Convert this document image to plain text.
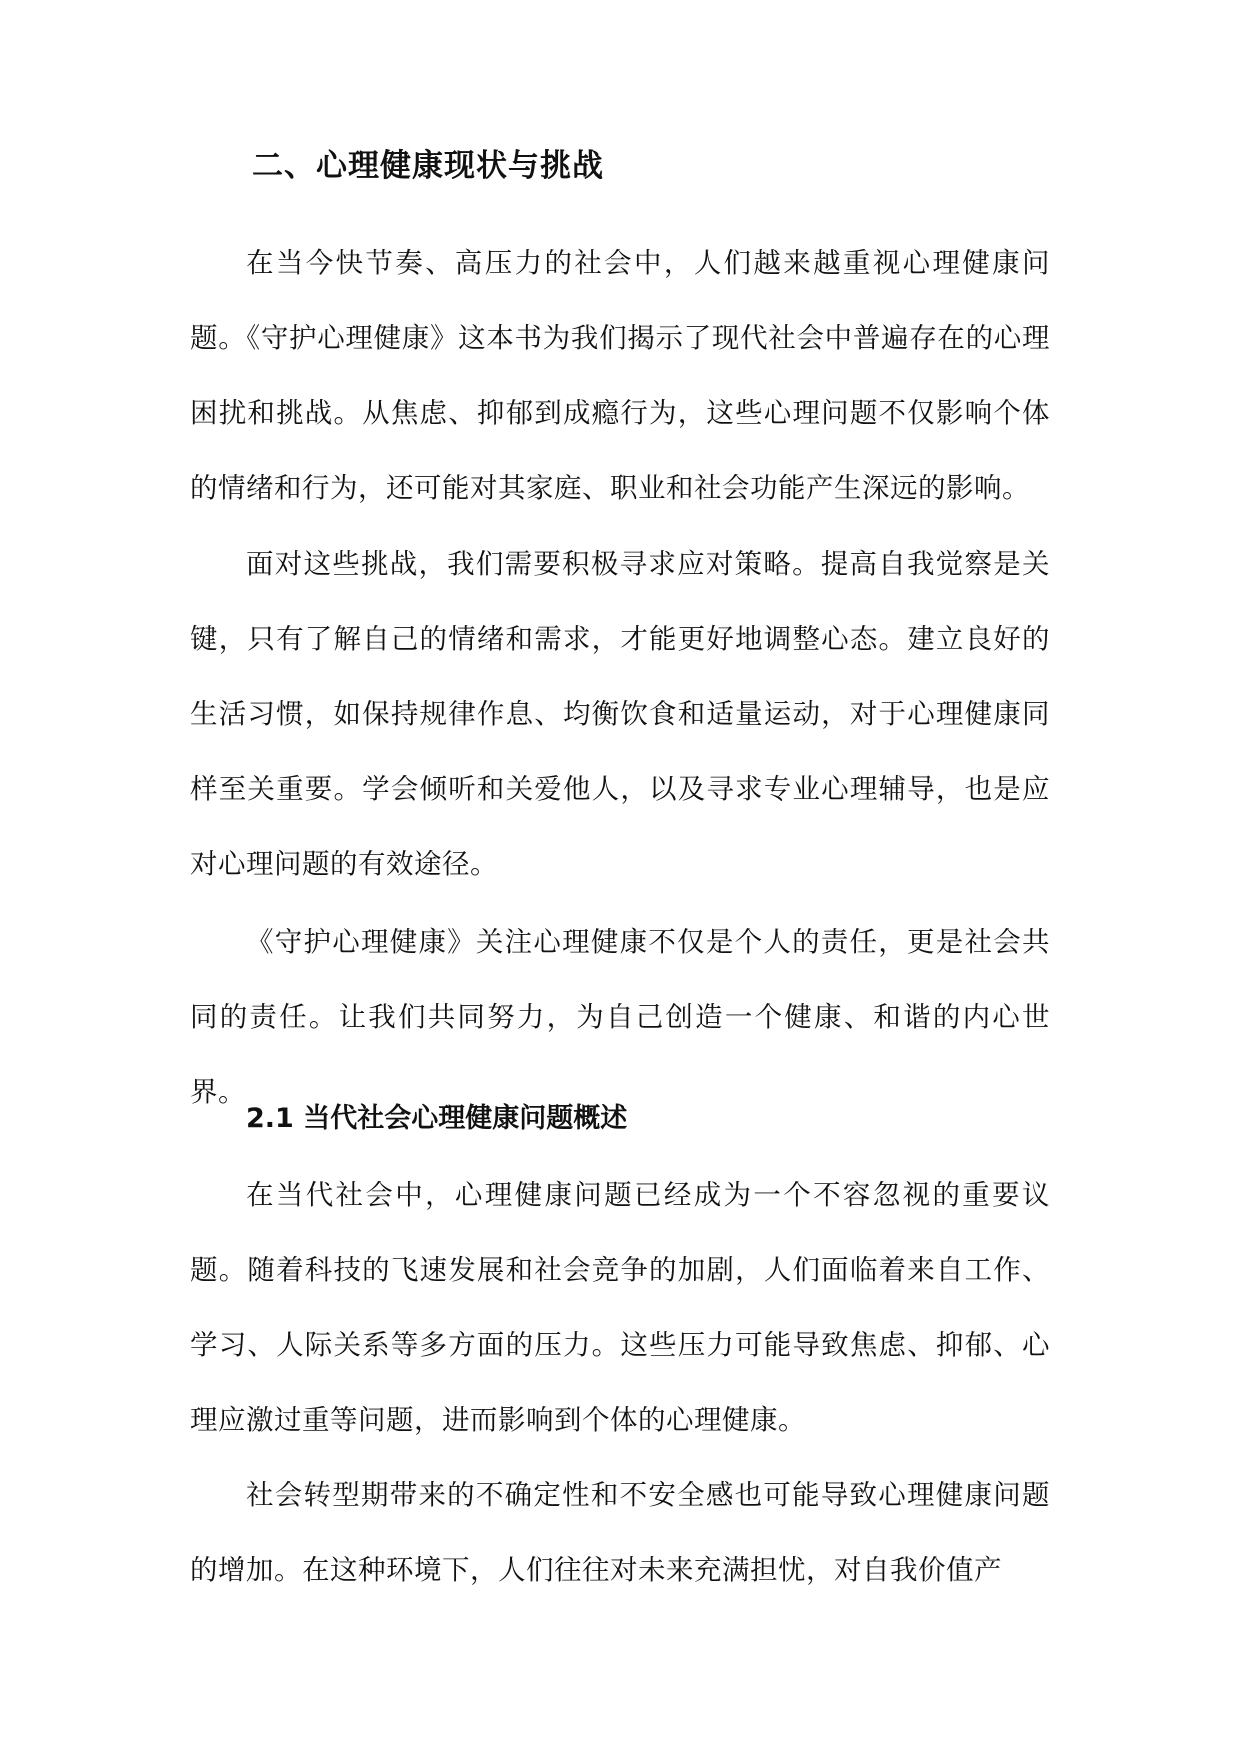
二、心理健康现状与挑战

在当今快节奏、高压力的社会中，人们越来越重视心理健康问题。《守护心理健康》这本书为我们揭示了现代社会中普遍存在的心理困扰和挑战。从焦虑、抑郁到成瘾行为，这些心理问题不仅影响个体的情绪和行为，还可能对其家庭、职业和社会功能产生深远的影响。

面对这些挑战，我们需要积极寻求应对策略。提高自我觉察是关键，只有了解自己的情绪和需求，才能更好地调整心态。建立良好的生活习惯，如保持规律作息、均衡饮食和适量运动，对于心理健康同样至关重要。学会倾听和关爱他人，以及寻求专业心理辅导，也是应对心理问题的有效途径。

《守护心理健康》关注心理健康不仅是个人的责任，更是社会共同的责任。让我们共同努力，为自己创造一个健康、和谐的内心世界。

2.1 当代社会心理健康问题概述

在当代社会中，心理健康问题已经成为一个不容忽视的重要议题。随着科技的飞速发展和社会竞争的加剧，人们面临着来自工作、学习、人际关系等多方面的压力。这些压力可能导致焦虑、抑郁、心理应激过重等问题，进而影响到个体的心理健康。

社会转型期带来的不确定性和不安全感也可能导致心理健康问题的增加。在这种环境下，人们往往对未来充满担忧，对自我价值产
